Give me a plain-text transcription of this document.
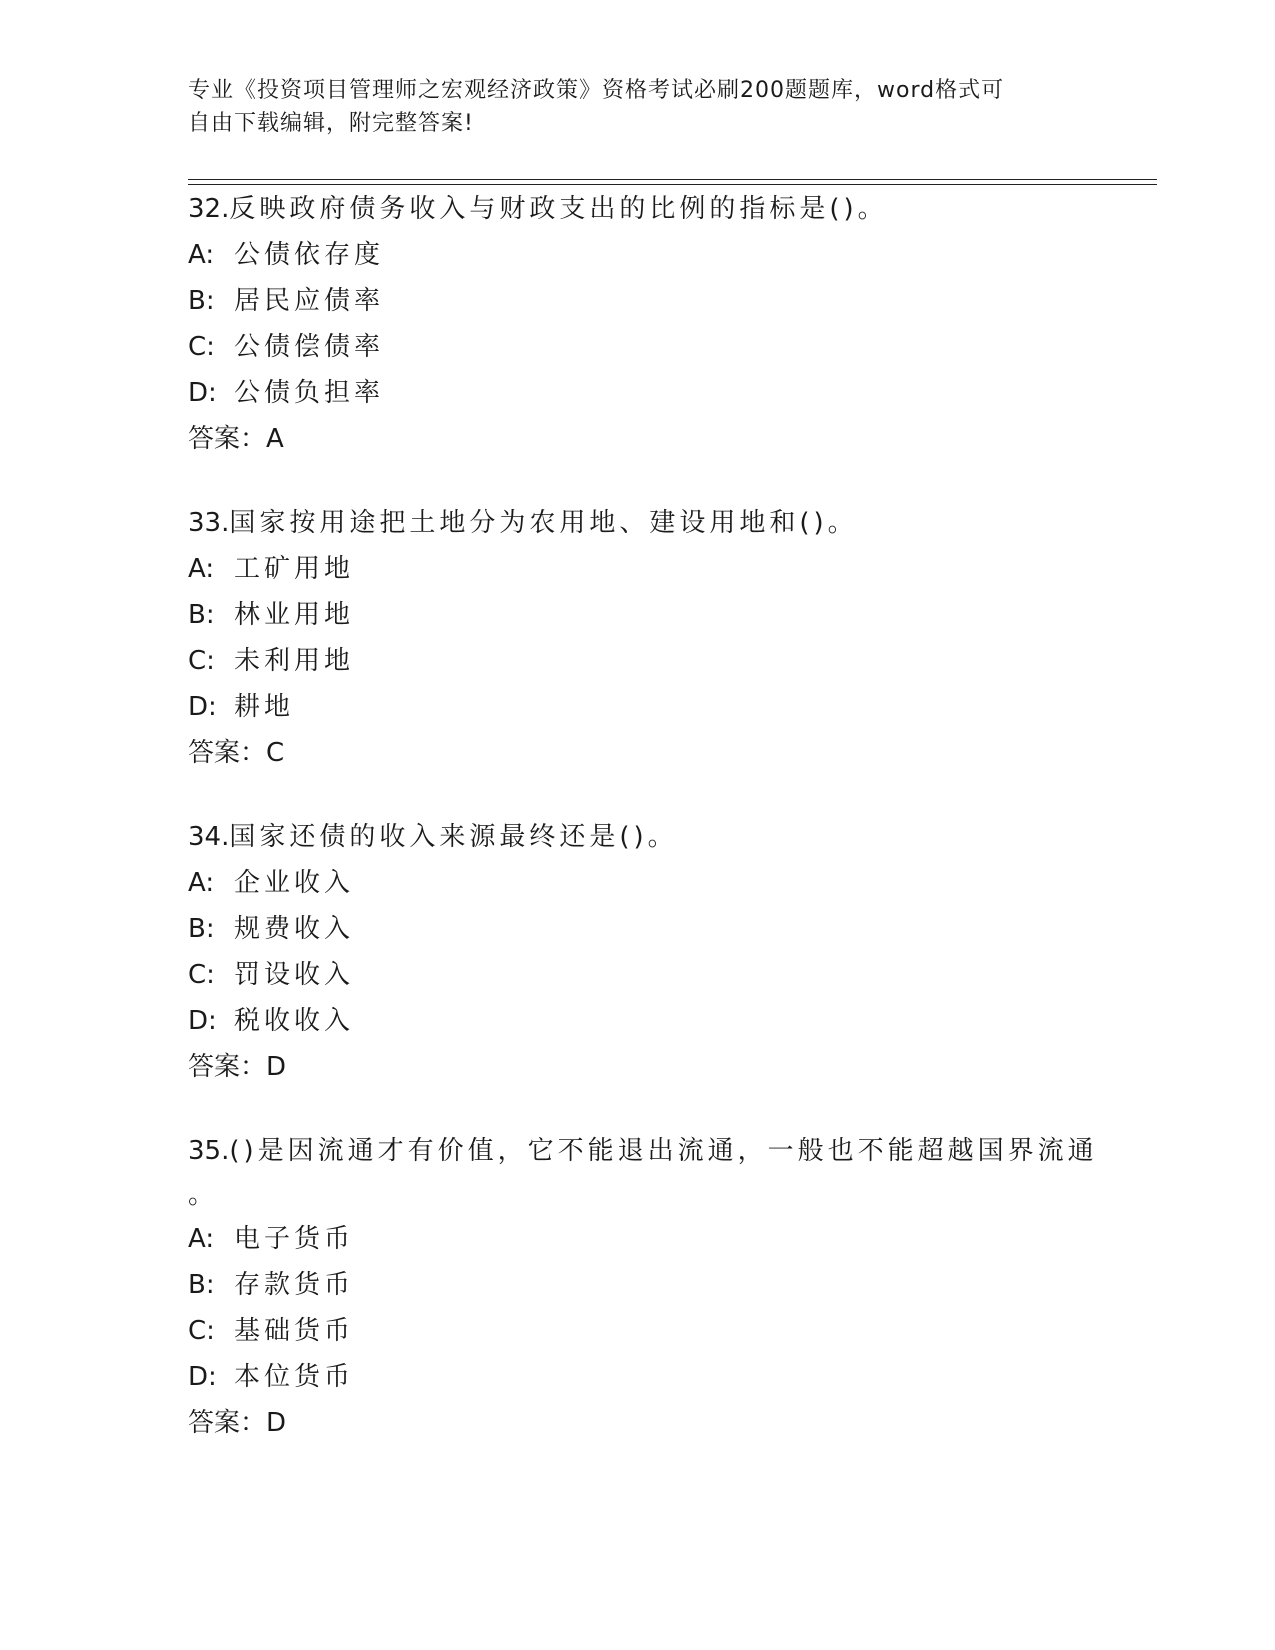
专业《投资项目管理师之宏观经济政策》资格考试必刷200题题库，word格式可

自由下载编辑，附完整答案!

32.反映政府债务收入与财政支出的比例的指标是()。
A: 公债依存度
B: 居民应债率
C: 公债偿债率
D: 公债负担率
答案：A
33.国家按用途把土地分为农用地、建设用地和()。
A: 工矿用地
B: 林业用地
C: 未利用地
D: 耕地
答案：C
34.国家还债的收入来源最终还是()。
A: 企业收入
B: 规费收入
C: 罚设收入
D: 税收收入
答案：D
35.()是因流通才有价值，它不能退出流通，一般也不能超越国界流通
。
A: 电子货币
B: 存款货币
C: 基础货币
D: 本位货币
答案：D
